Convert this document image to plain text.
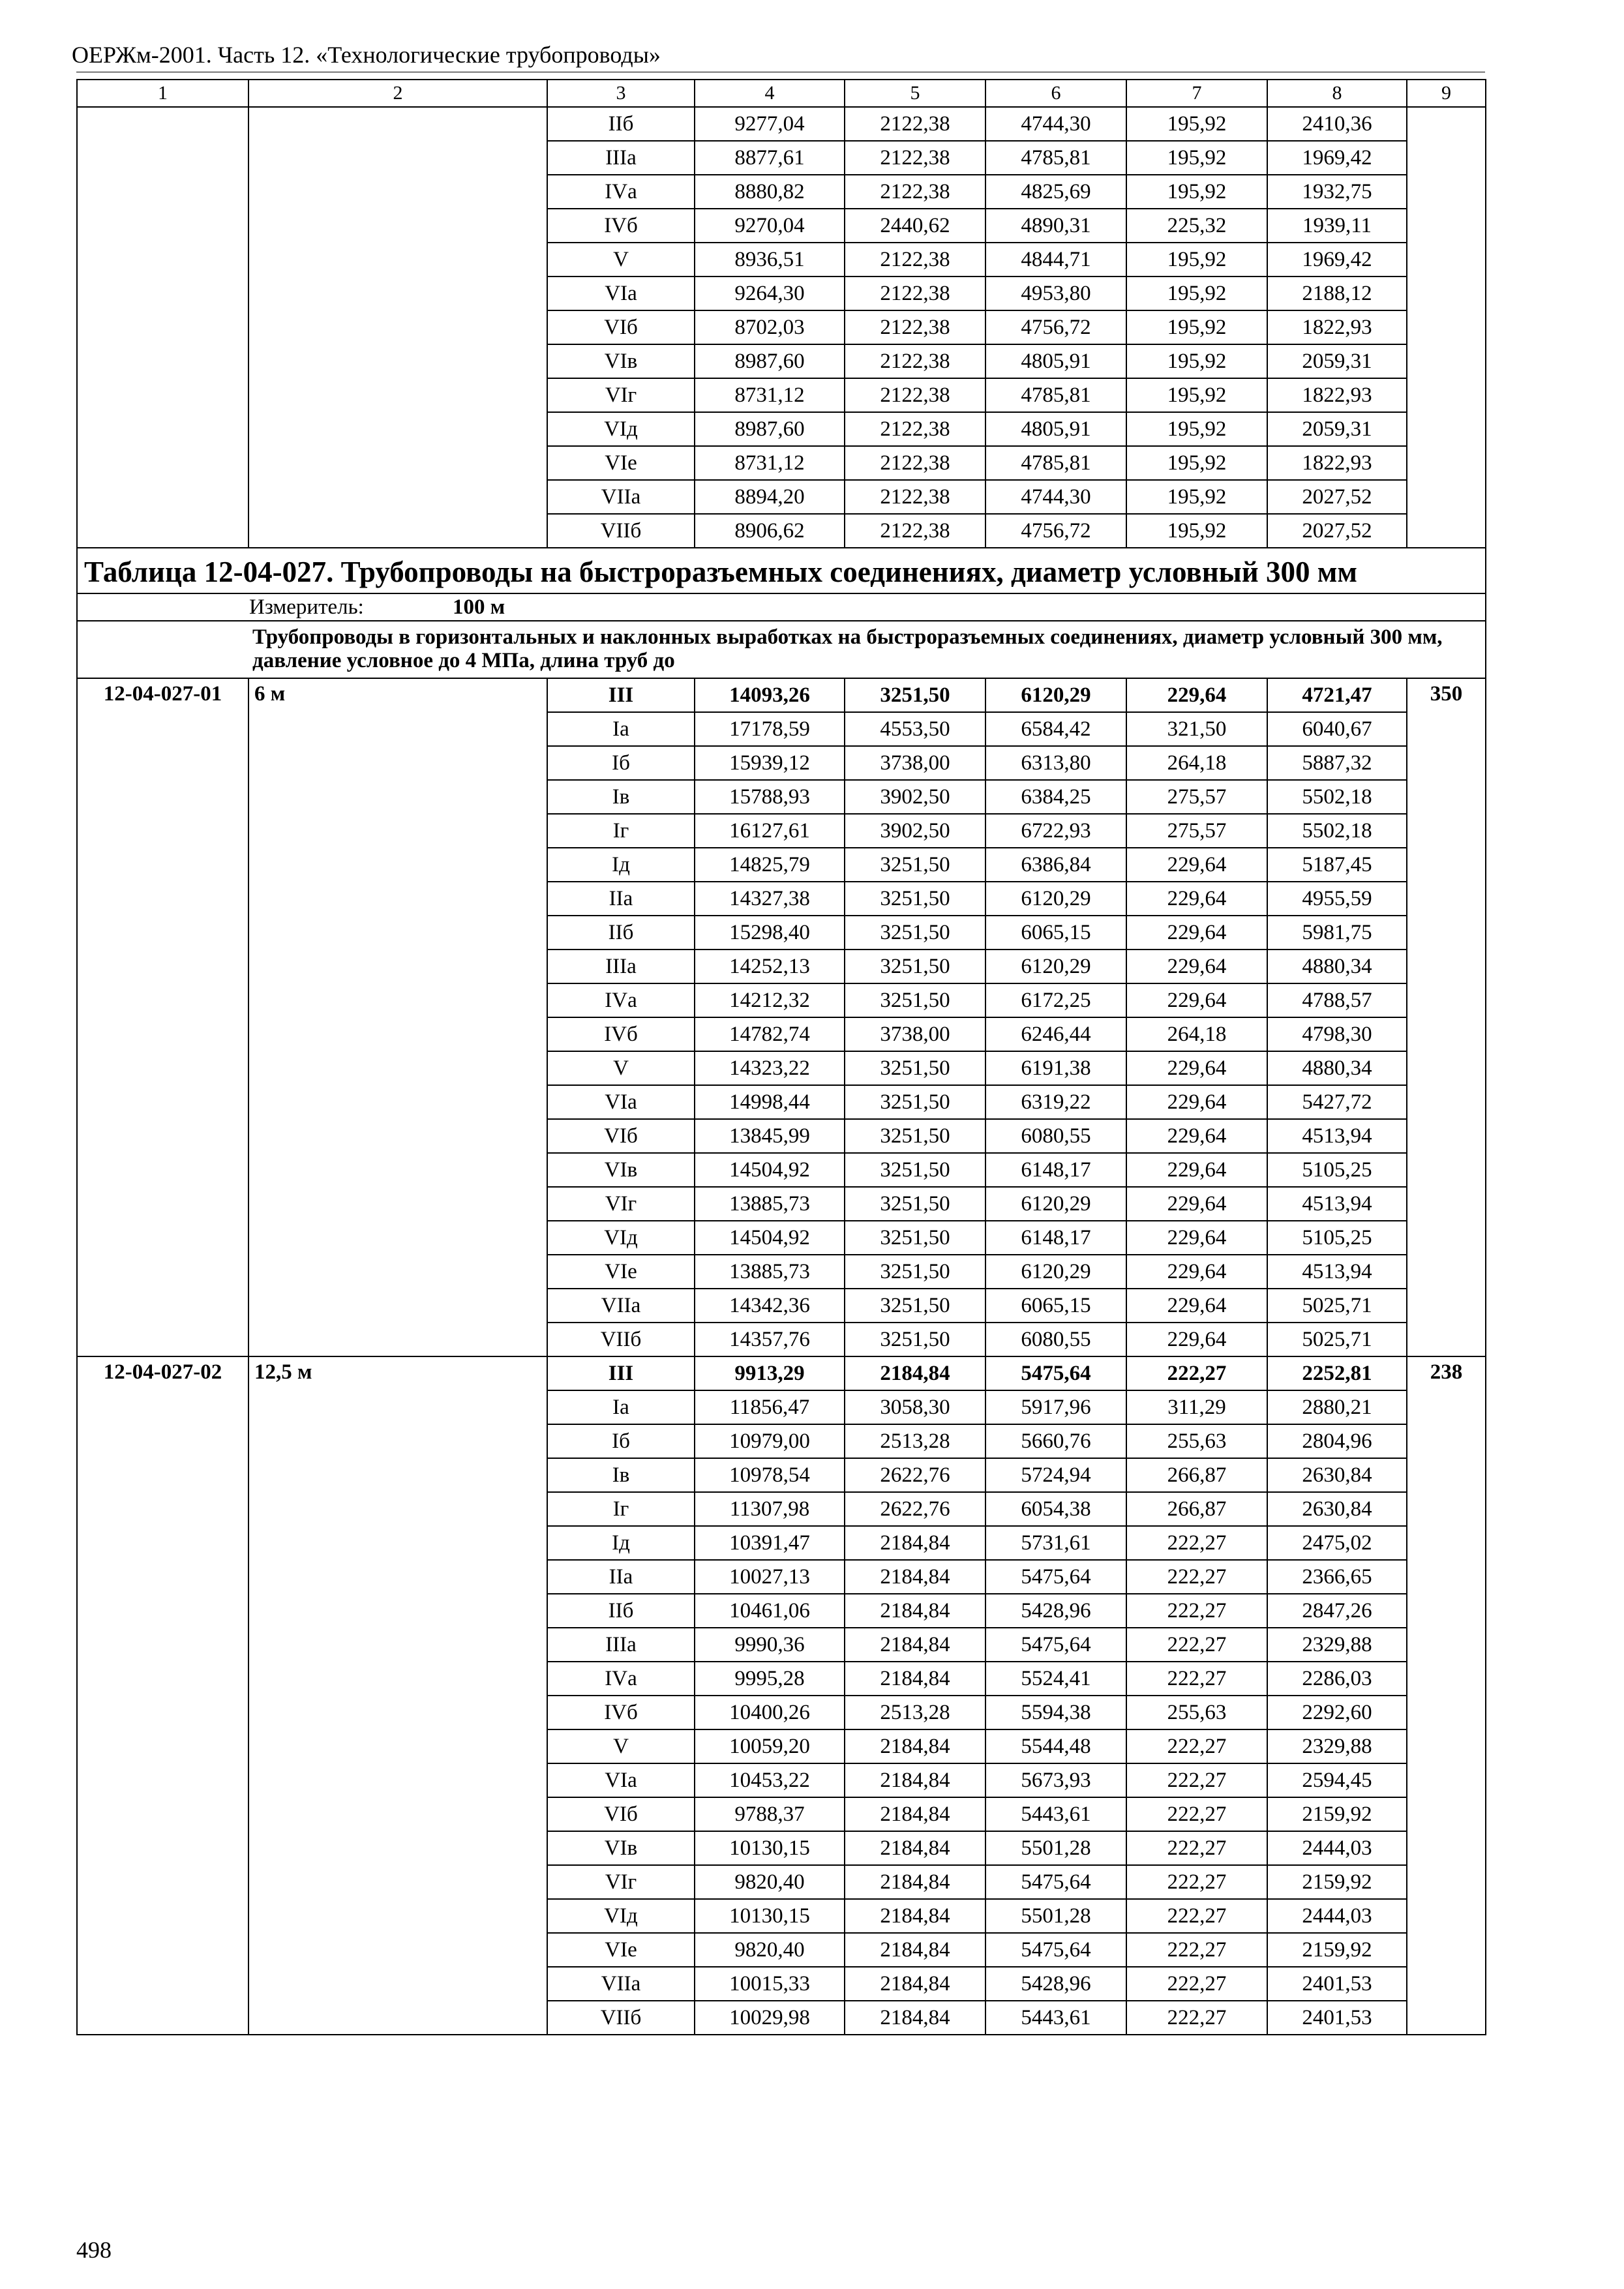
ОЕРЖм-2001. Часть 12. «Технологические трубопроводы»
1	2	3	4	5	6	7	8	9
		IIб	9277,04	2122,38	4744,30	195,92	2410,36	
		IIIа	8877,61	2122,38	4785,81	195,92	1969,42	
		IVа	8880,82	2122,38	4825,69	195,92	1932,75	
		IVб	9270,04	2440,62	4890,31	225,32	1939,11	
		V	8936,51	2122,38	4844,71	195,92	1969,42	
		VIа	9264,30	2122,38	4953,80	195,92	2188,12	
		VIб	8702,03	2122,38	4756,72	195,92	1822,93	
		VIв	8987,60	2122,38	4805,91	195,92	2059,31	
		VIг	8731,12	2122,38	4785,81	195,92	1822,93	
		VIд	8987,60	2122,38	4805,91	195,92	2059,31	
		VIе	8731,12	2122,38	4785,81	195,92	1822,93	
		VIIа	8894,20	2122,38	4744,30	195,92	2027,52	
		VIIб	8906,62	2122,38	4756,72	195,92	2027,52	
Таблица 12-04-027. Трубопроводы на быстроразъемных соединениях, диаметр условный 300 мм								

Измеритель: 100 м								

	Трубопроводы в горизонтальных и наклонных выработках на быстроразъемных соединениях, диаметр условный 300 мм, давление условное до 4 МПа, длина труб до							
12-04-027-01	6 м	III	14093,26	3251,50	6120,29	229,64	4721,47	350
		Iа	17178,59	4553,50	6584,42	321,50	6040,67	
		Iб	15939,12	3738,00	6313,80	264,18	5887,32	
		Iв	15788,93	3902,50	6384,25	275,57	5502,18	
		Iг	16127,61	3902,50	6722,93	275,57	5502,18	
		Iд	14825,79	3251,50	6386,84	229,64	5187,45	
		IIа	14327,38	3251,50	6120,29	229,64	4955,59	
		IIб	15298,40	3251,50	6065,15	229,64	5981,75	
		IIIа	14252,13	3251,50	6120,29	229,64	4880,34	
		IVа	14212,32	3251,50	6172,25	229,64	4788,57	
		IVб	14782,74	3738,00	6246,44	264,18	4798,30	
		V	14323,22	3251,50	6191,38	229,64	4880,34	
		VIа	14998,44	3251,50	6319,22	229,64	5427,72	
		VIб	13845,99	3251,50	6080,55	229,64	4513,94	
		VIв	14504,92	3251,50	6148,17	229,64	5105,25	
		VIг	13885,73	3251,50	6120,29	229,64	4513,94	
		VIд	14504,92	3251,50	6148,17	229,64	5105,25	
		VIе	13885,73	3251,50	6120,29	229,64	4513,94	
		VIIа	14342,36	3251,50	6065,15	229,64	5025,71	
		VIIб	14357,76	3251,50	6080,55	229,64	5025,71	
12-04-027-02	12,5 м	III	9913,29	2184,84	5475,64	222,27	2252,81	238
		Iа	11856,47	3058,30	5917,96	311,29	2880,21	
		Iб	10979,00	2513,28	5660,76	255,63	2804,96	
		Iв	10978,54	2622,76	5724,94	266,87	2630,84	
		Iг	11307,98	2622,76	6054,38	266,87	2630,84	
		Iд	10391,47	2184,84	5731,61	222,27	2475,02	
		IIа	10027,13	2184,84	5475,64	222,27	2366,65	
		IIб	10461,06	2184,84	5428,96	222,27	2847,26	
		IIIа	9990,36	2184,84	5475,64	222,27	2329,88	
		IVа	9995,28	2184,84	5524,41	222,27	2286,03	
		IVб	10400,26	2513,28	5594,38	255,63	2292,60	
		V	10059,20	2184,84	5544,48	222,27	2329,88	
		VIа	10453,22	2184,84	5673,93	222,27	2594,45	
		VIб	9788,37	2184,84	5443,61	222,27	2159,92	
		VIв	10130,15	2184,84	5501,28	222,27	2444,03	
		VIг	9820,40	2184,84	5475,64	222,27	2159,92	
		VIд	10130,15	2184,84	5501,28	222,27	2444,03	
		VIе	9820,40	2184,84	5475,64	222,27	2159,92	
		VIIа	10015,33	2184,84	5428,96	222,27	2401,53	
		VIIб	10029,98	2184,84	5443,61	222,27	2401,53	
498
